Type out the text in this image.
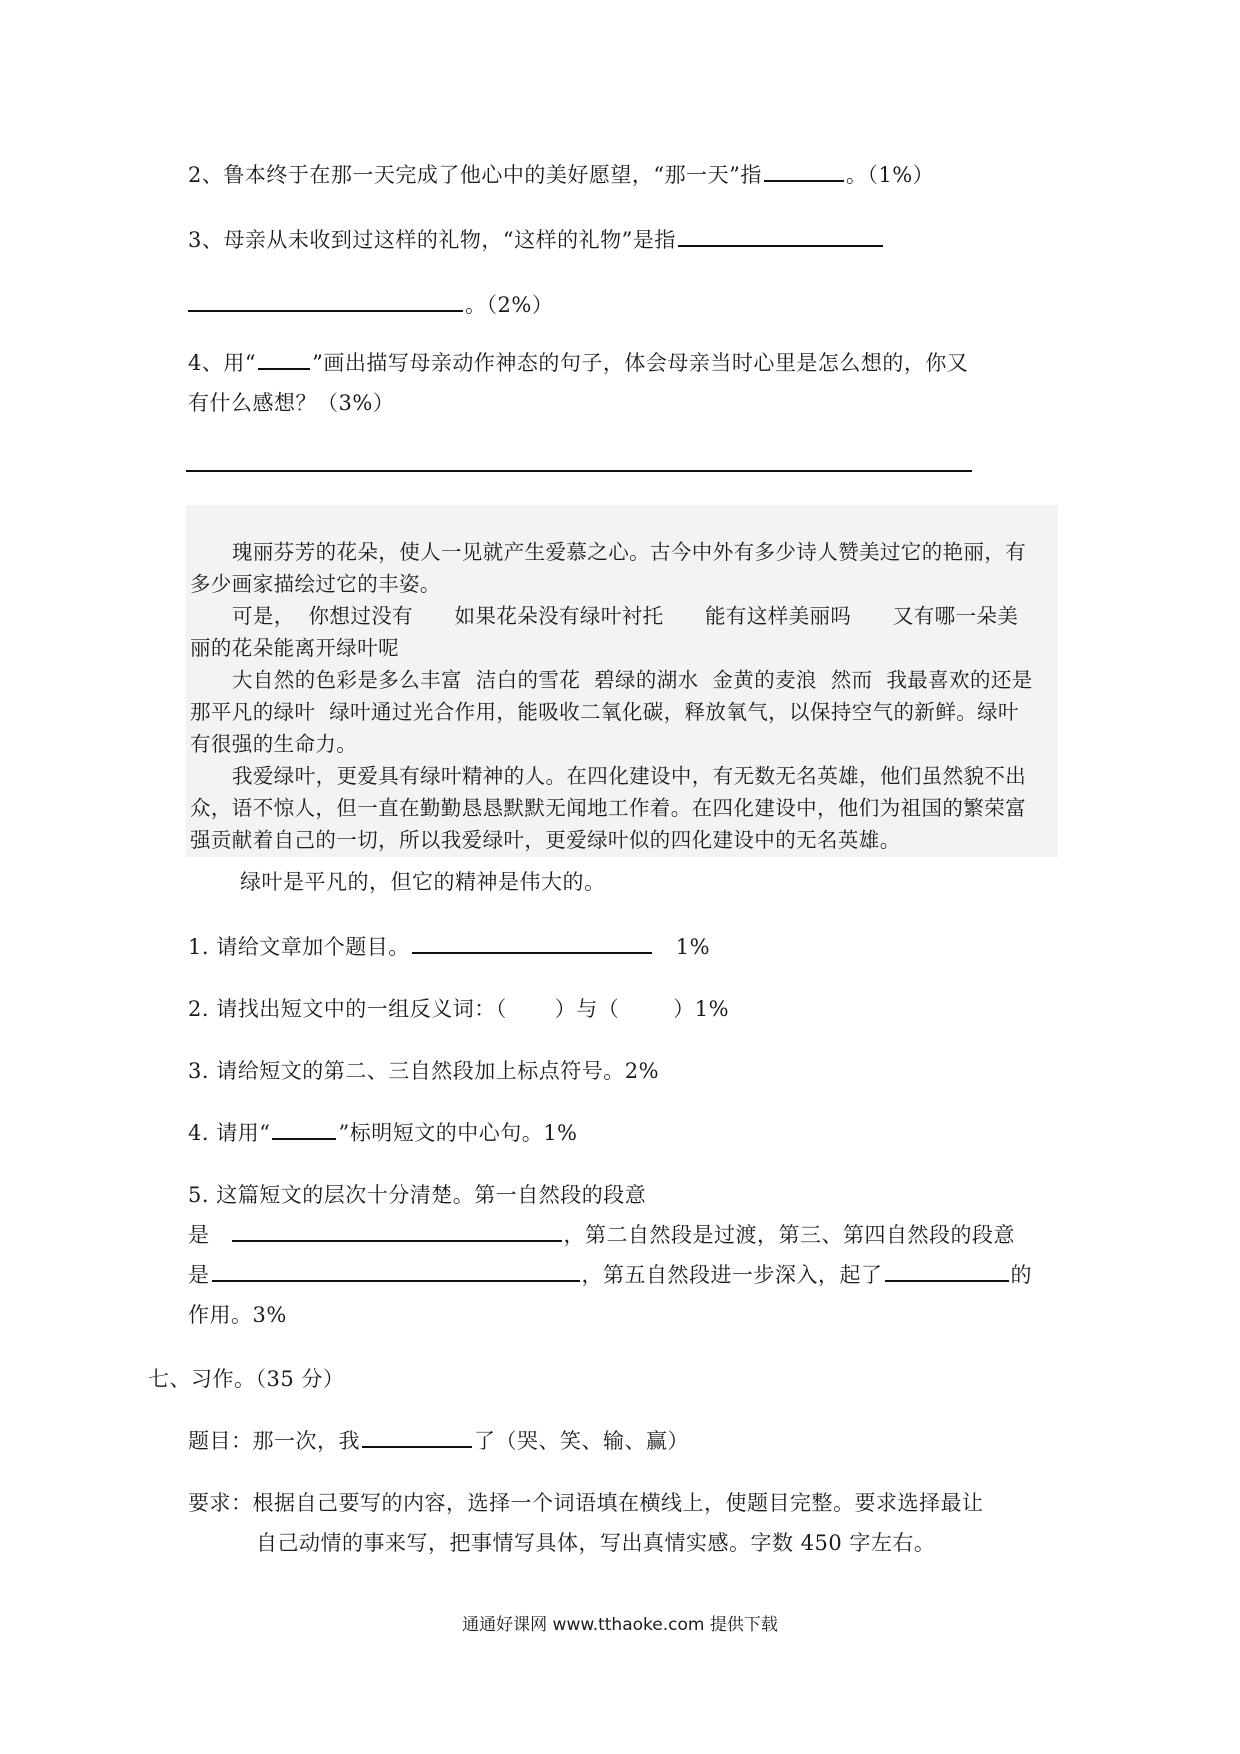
2、鲁本终于在那一天完成了他心中的美好愿望，“那一天”指	。（1%）
3、母亲从未收到过这样的礼物，“这样的礼物”是指
。（2%）
4、用“	”画出描写母亲动作神态的句子，体会母亲当时心里是怎么想的，你又
有什么感想？（3%）
瑰丽芬芳的花朵，使人一见就产生爱慕之心。古今中外有多少诗人赞美过它的艳丽，有
多少画家描绘过它的丰姿。
可是，  你想过没有      如果花朵没有绿叶衬托      能有这样美丽吗      又有哪一朵美
丽的花朵能离开绿叶呢
大自然的色彩是多么丰富  洁白的雪花  碧绿的湖水  金黄的麦浪  然而  我最喜欢的还是
那平凡的绿叶  绿叶通过光合作用，能吸收二氧化碳，释放氧气，以保持空气的新鲜。绿叶
有很强的生命力。
我爱绿叶，更爱具有绿叶精神的人。在四化建设中，有无数无名英雄，他们虽然貌不出
众，语不惊人，但一直在勤勤恳恳默默无闻地工作着。在四化建设中，他们为祖国的繁荣富
强贡献着自己的一切，所以我爱绿叶，更爱绿叶似的四化建设中的无名英雄。
绿叶是平凡的，但它的精神是伟大的。
1. 请给文章加个题目。	1%
2. 请找出短文中的一组反义词：（ ）与（	）1%
3. 请给短文的第二、三自然段加上标点符号。2%
4. 请用“	”标明短文的中心句。1%
5. 这篇短文的层次十分清楚。第一自然段的段意
是	，第二自然段是过渡，第三、第四自然段的段意
是	，第五自然段进一步深入，起了	的
作用。3%
七、习作。（35 分）
题目：那一次，我	了（哭、笑、输、赢）
要求：根据自己要写的内容，选择一个词语填在横线上，使题目完整。要求选择最让
自己动情的事来写，把事情写具体，写出真情实感。字数 450 字左右。
通通好课网 www.tthaoke.com 提供下载
